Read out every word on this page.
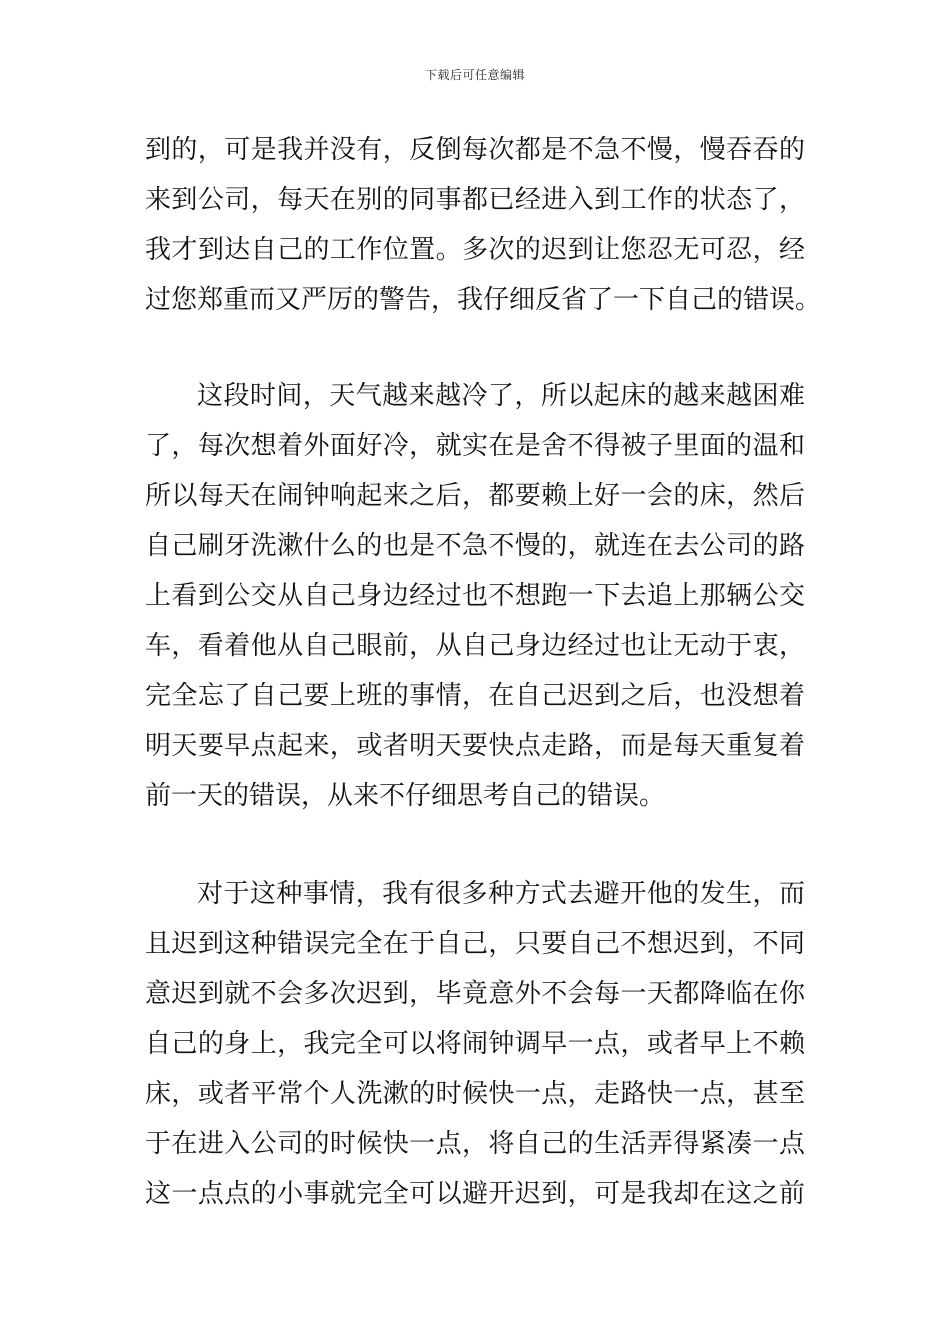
下载后可任意编辑
到的，可是我并没有，反倒每次都是不急不慢，慢吞吞的
来到公司，每天在别的同事都已经进入到工作的状态了，
我才到达自己的工作位置。多次的迟到让您忍无可忍，经
过您郑重而又严厉的警告，我仔细反省了一下自己的错误。
这段时间，天气越来越冷了，所以起床的越来越困难
了，每次想着外面好冷，就实在是舍不得被子里面的温和
所以每天在闹钟响起来之后，都要赖上好一会的床，然后
自己刷牙洗漱什么的也是不急不慢的，就连在去公司的路
上看到公交从自己身边经过也不想跑一下去追上那辆公交
车，看着他从自己眼前，从自己身边经过也让无动于衷，
完全忘了自己要上班的事情，在自己迟到之后，也没想着
明天要早点起来，或者明天要快点走路，而是每天重复着
前一天的错误，从来不仔细思考自己的错误。
对于这种事情，我有很多种方式去避开他的发生，而
且迟到这种错误完全在于自己，只要自己不想迟到，不同
意迟到就不会多次迟到，毕竟意外不会每一天都降临在你
自己的身上，我完全可以将闹钟调早一点，或者早上不赖
床，或者平常个人洗漱的时候快一点，走路快一点，甚至
于在进入公司的时候快一点，将自己的生活弄得紧凑一点
这一点点的小事就完全可以避开迟到，可是我却在这之前
